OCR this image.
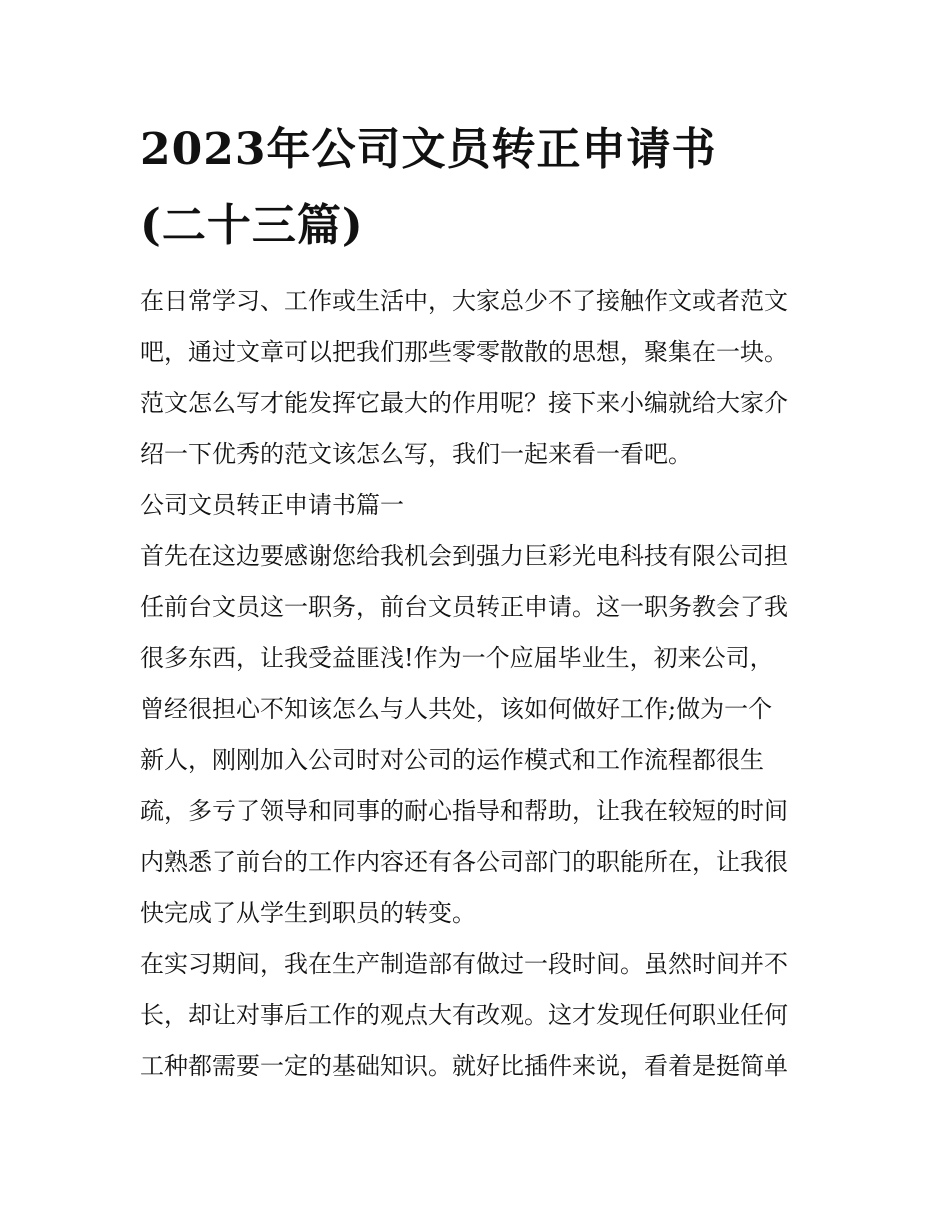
2023年公司文员转正申请书
(二十三篇)

在日常学习、工作或生活中，大家总少不了接触作文或者范文
吧，通过文章可以把我们那些零零散散的思想，聚集在一块。
范文怎么写才能发挥它最大的作用呢？接下来小编就给大家介
绍一下优秀的范文该怎么写，我们一起来看一看吧。

公司文员转正申请书篇一

首先在这边要感谢您给我机会到强力巨彩光电科技有限公司担
任前台文员这一职务，前台文员转正申请。这一职务教会了我
很多东西，让我受益匪浅!作为一个应届毕业生，初来公司，
曾经很担心不知该怎么与人共处，该如何做好工作;做为一个
新人，刚刚加入公司时对公司的运作模式和工作流程都很生
疏，多亏了领导和同事的耐心指导和帮助，让我在较短的时间
内熟悉了前台的工作内容还有各公司部门的职能所在，让我很
快完成了从学生到职员的转变。

在实习期间，我在生产制造部有做过一段时间。虽然时间并不
长，却让对事后工作的观点大有改观。这才发现任何职业任何
工种都需要一定的基础知识。就好比插件来说，看着是挺简单
